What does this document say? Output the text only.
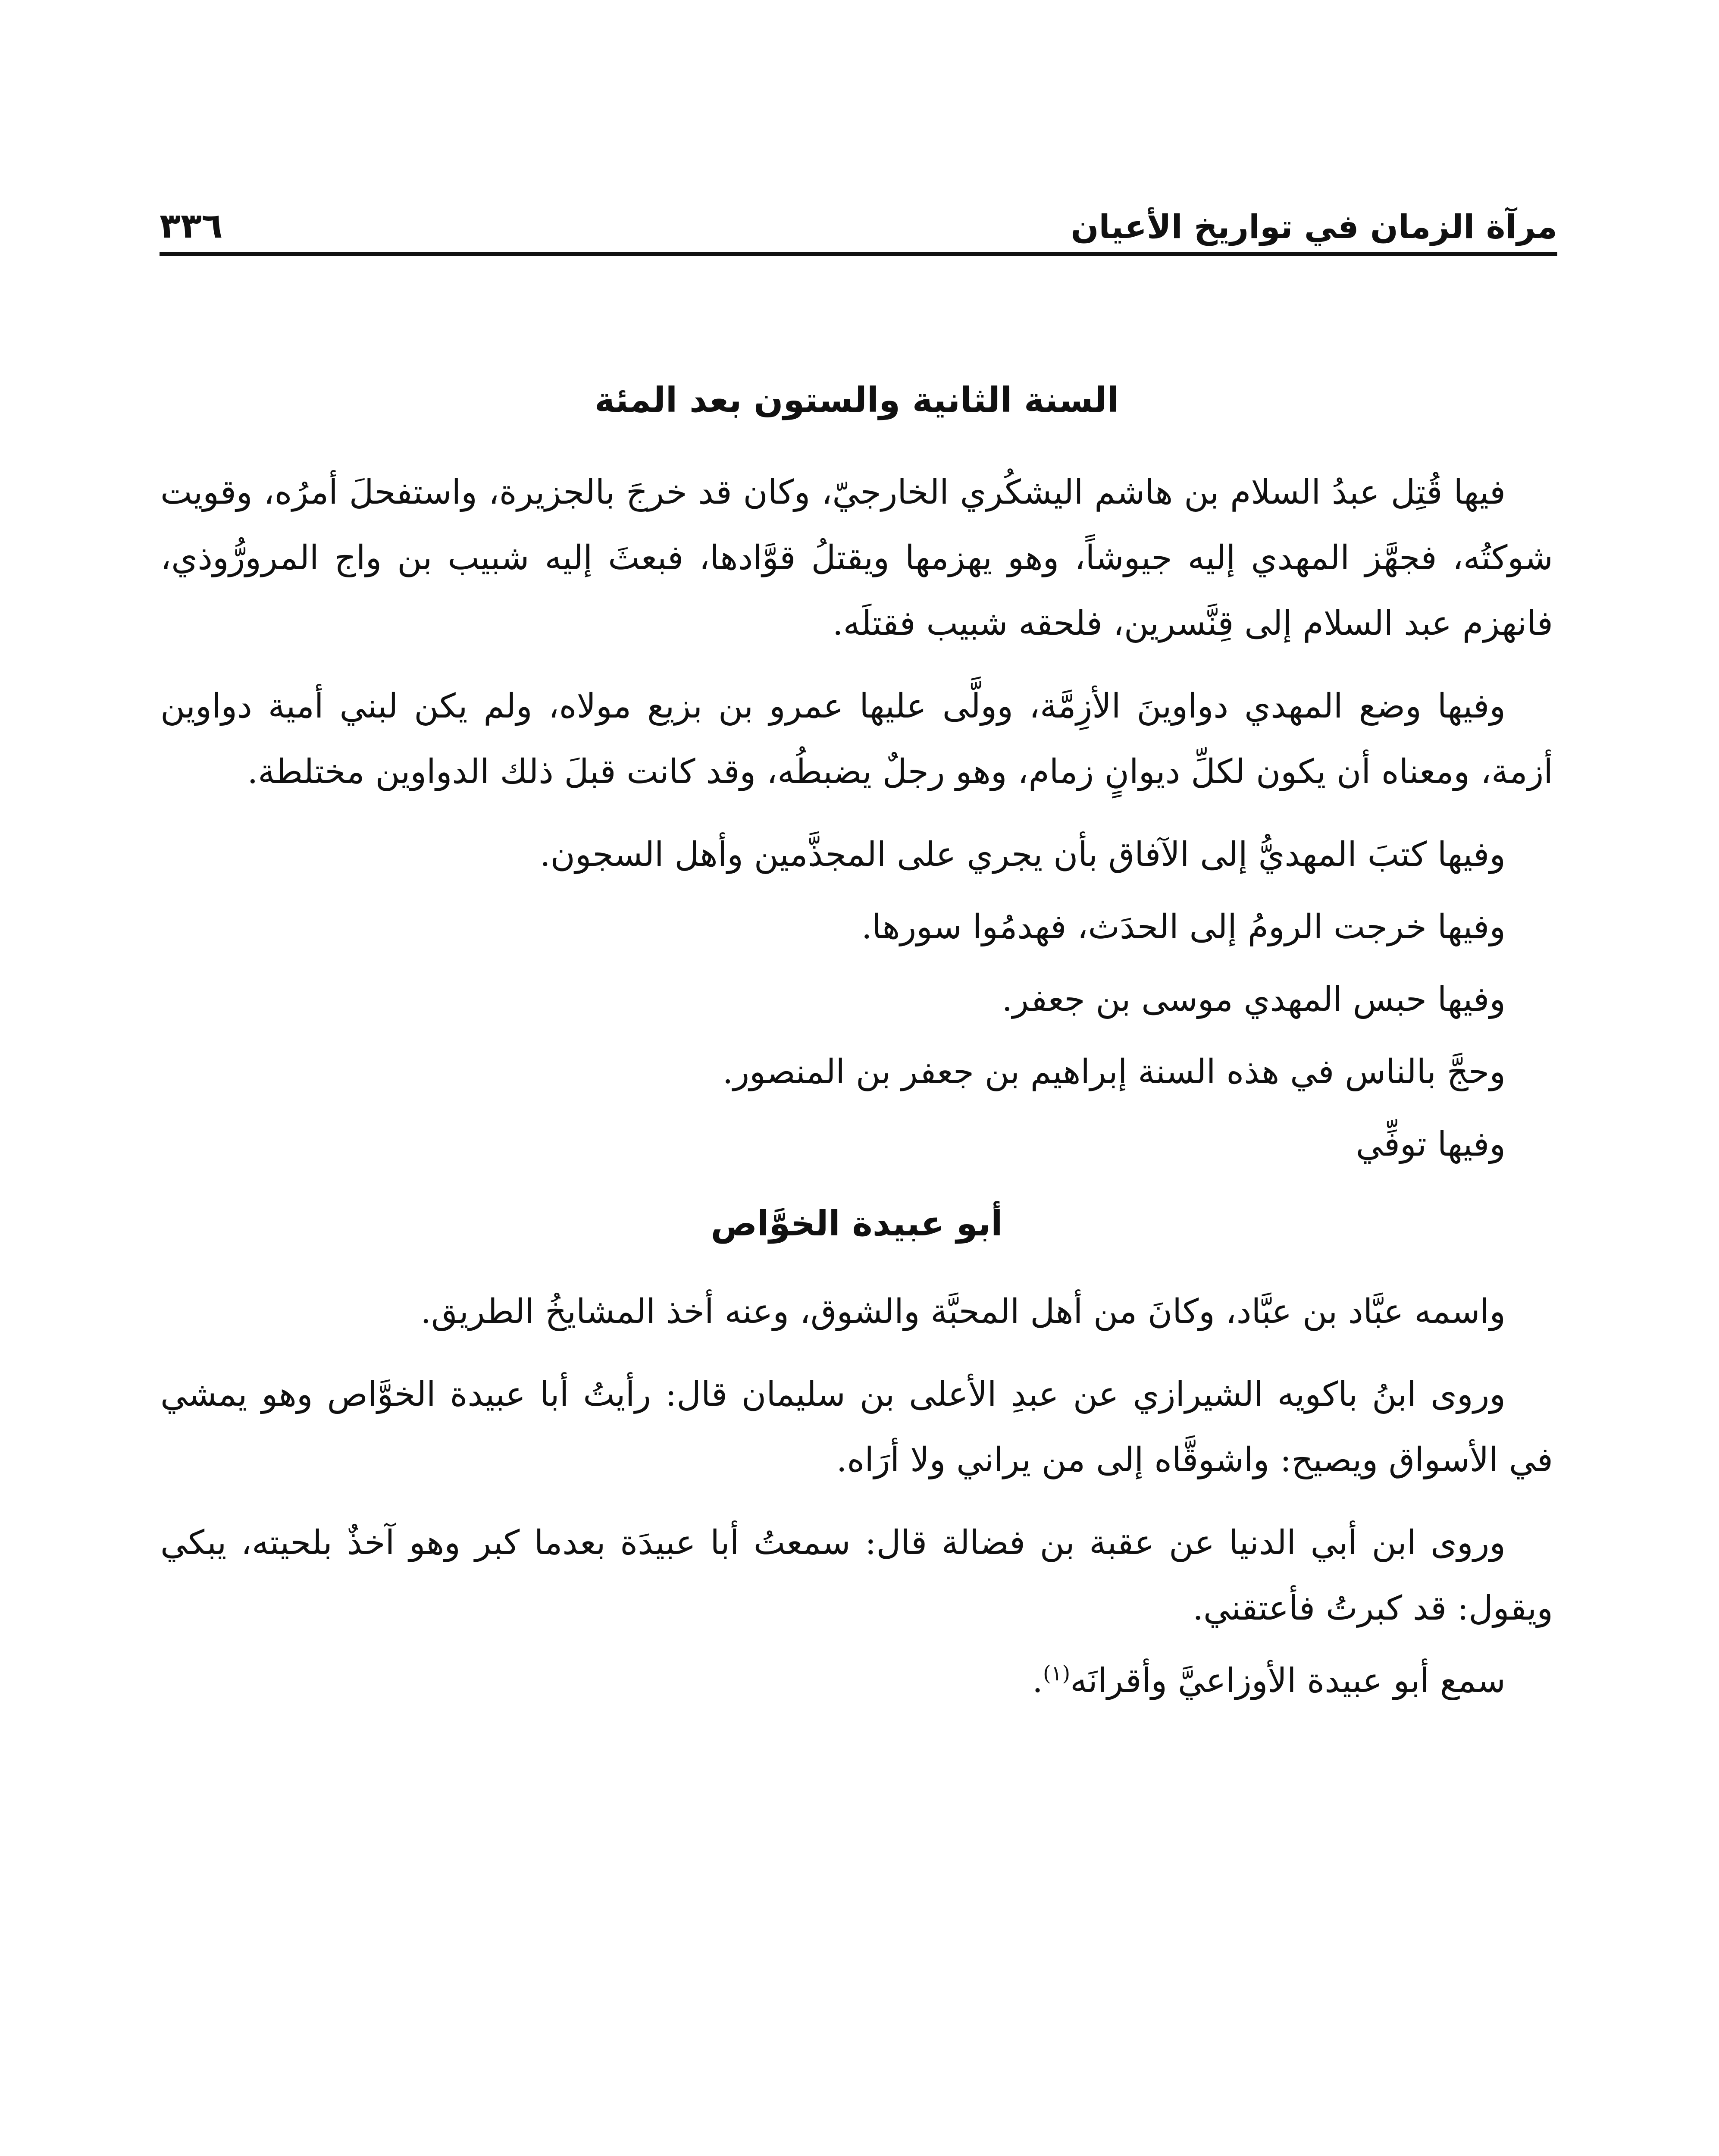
مرآة الزمان في تواريخ الأعيان
٣٣٦
السنة الثانية والستون بعد المئة

فيها قُتِل عبدُ السلام بن هاشم اليشكُري الخارجيّ، وكان قد خرجَ بالجزيرة، واستفحلَ أمرُه، وقويت شوكتُه، فجهَّز المهدي إليه جيوشاً، وهو يهزمها ويقتلُ قوَّادها، فبعثَ إليه شبيب بن واج المرورُّوذي، فانهزم عبد السلام إلى قِنَّسرين، فلحقه شبيب فقتلَه.

وفيها وضع المهدي دواوينَ الأزِمَّة، وولَّى عليها عمرو بن بزيع مولاه، ولم يكن لبني أمية دواوين أزمة، ومعناه أن يكون لكلِّ ديوانٍ زمام، وهو رجلٌ يضبطُه، وقد كانت قبلَ ذلك الدواوين مختلطة.

وفيها كتبَ المهديُّ إلى الآفاق بأن يجري على المجذَّمين وأهل السجون.

وفيها خرجت الرومُ إلى الحدَث، فهدمُوا سورها.

وفيها حبس المهدي موسى بن جعفر.

وحجَّ بالناس في هذه السنة إبراهيم بن جعفر بن المنصور.

وفيها توفِّي

أبو عبيدة الخوَّاص

واسمه عبَّاد بن عبَّاد، وكانَ من أهل المحبَّة والشوق، وعنه أخذ المشايخُ الطريق.

وروى ابنُ باكويه الشيرازي عن عبدِ الأعلى بن سليمان قال: رأيتُ أبا عبيدة الخوَّاص وهو يمشي في الأسواق ويصيح: واشوقَّاه إلى من يراني ولا أرَاه.

وروى ابن أبي الدنيا عن عقبة بن فضالة قال: سمعتُ أبا عبيدَة بعدما كبر وهو آخذٌ بلحيته، يبكي ويقول: قد كبرتُ فأعتقني.

سمع أبو عبيدة الأوزاعيَّ وأقرانَه$^{(١)}$.
